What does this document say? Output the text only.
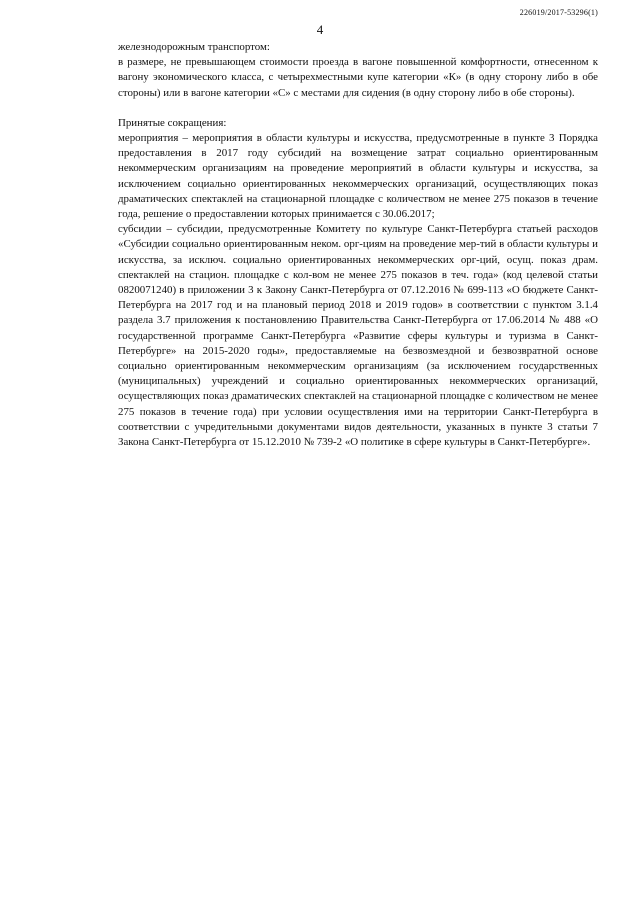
226019/2017-53296(1)
4

железнодорожным транспортом:

в размере, не превышающем стоимости проезда в вагоне повышенной комфортности, отнесенном к вагону экономического класса, с четырехместными купе категории «К» (в одну сторону либо в обе стороны) или в вагоне категории «С» с местами для сидения (в одну сторону либо в обе стороны).

Принятые сокращения:

мероприятия – мероприятия в области культуры и искусства, предусмотренные в пункте 3 Порядка предоставления в 2017 году субсидий на возмещение затрат социально ориентированным некоммерческим организациям на проведение мероприятий в области культуры и искусства, за исключением социально ориентированных некоммерческих организаций, осуществляющих показ драматических спектаклей на стационарной площадке с количеством не менее 275 показов в течение года, решение о предоставлении которых принимается с 30.06.2017;

субсидии – субсидии, предусмотренные Комитету по культуре Санкт-Петербурга статьей расходов «Субсидии социально ориентированным неком. орг-циям на проведение мер-тий в области культуры и искусства, за исключ. социально ориентированных некоммерческих орг-ций, осущ. показ драм. спектаклей на стацион. площадке с кол-вом не менее 275 показов в теч. года» (код целевой статьи 0820071240) в приложении 3 к Закону Санкт-Петербурга от 07.12.2016 № 699-113 «О бюджете Санкт-Петербурга на 2017 год и на плановый период 2018 и 2019 годов» в соответствии с пунктом 3.1.4 раздела 3.7 приложения к постановлению Правительства Санкт-Петербурга от 17.06.2014 № 488 «О государственной программе Санкт-Петербурга «Развитие сферы культуры и туризма в Санкт-Петербурге» на 2015-2020 годы», предоставляемые на безвозмездной и безвозвратной основе социально ориентированным некоммерческим организациям (за исключением государственных (муниципальных) учреждений и социально ориентированных некоммерческих организаций, осуществляющих показ драматических спектаклей на стационарной площадке с количеством не менее 275 показов в течение года) при условии осуществления ими на территории Санкт-Петербурга в соответствии с учредительными документами видов деятельности, указанных в пункте 3 статьи 7 Закона Санкт-Петербурга от 15.12.2010 № 739-2 «О политике в сфере культуры в Санкт-Петербурге».
